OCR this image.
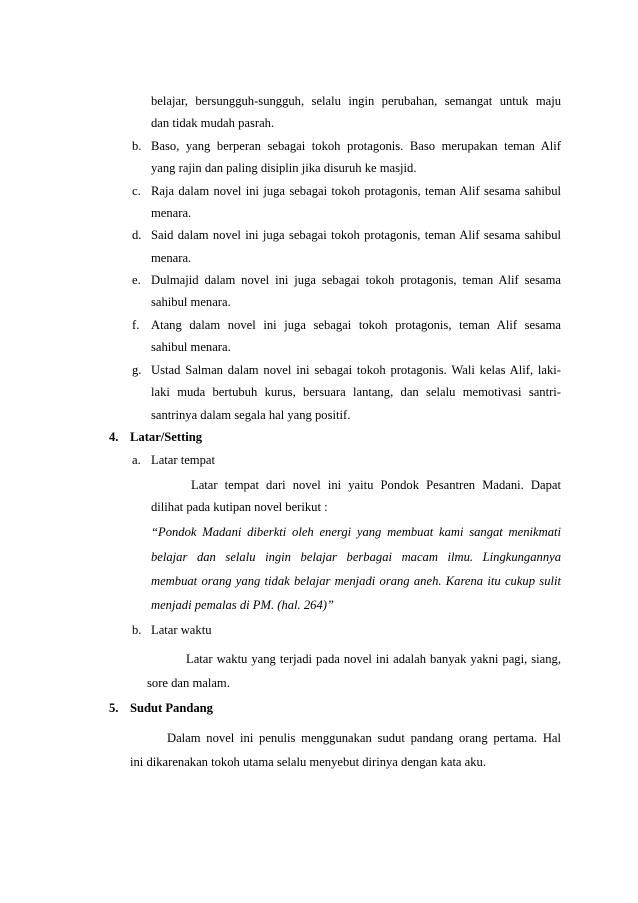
belajar, bersungguh-sungguh, selalu ingin perubahan, semangat untuk maju
dan tidak mudah pasrah.
b. Baso, yang berperan sebagai tokoh protagonis. Baso merupakan teman Alif
yang rajin dan paling disiplin jika disuruh ke masjid.
c. Raja dalam novel ini juga sebagai tokoh protagonis, teman Alif sesama sahibul
menara.
d. Said dalam novel ini juga sebagai tokoh protagonis, teman Alif sesama sahibul
menara.
e. Dulmajid dalam novel ini juga sebagai tokoh protagonis, teman Alif sesama
sahibul menara.
f. Atang dalam novel ini juga sebagai tokoh protagonis, teman Alif sesama
sahibul menara.
g. Ustad Salman dalam novel ini sebagai tokoh protagonis. Wali kelas Alif, laki-
laki muda bertubuh kurus, bersuara lantang, dan selalu memotivasi santri-
santrinya dalam segala hal yang positif.
4. Latar/Setting
a. Latar tempat
Latar tempat dari novel ini yaitu Pondok Pesantren Madani. Dapat
dilihat pada kutipan novel berikut :
“Pondok Madani diberkti oleh energi yang membuat kami sangat menikmati
belajar dan selalu ingin belajar berbagai macam ilmu. Lingkungannya
membuat orang yang tidak belajar menjadi orang aneh. Karena itu cukup sulit
menjadi pemalas di PM. (hal. 264)”
b. Latar waktu
Latar waktu yang terjadi pada novel ini adalah banyak yakni pagi, siang,
sore dan malam.
5. Sudut Pandang
Dalam novel ini penulis menggunakan sudut pandang orang pertama. Hal
ini dikarenakan tokoh utama selalu menyebut dirinya dengan kata aku.
